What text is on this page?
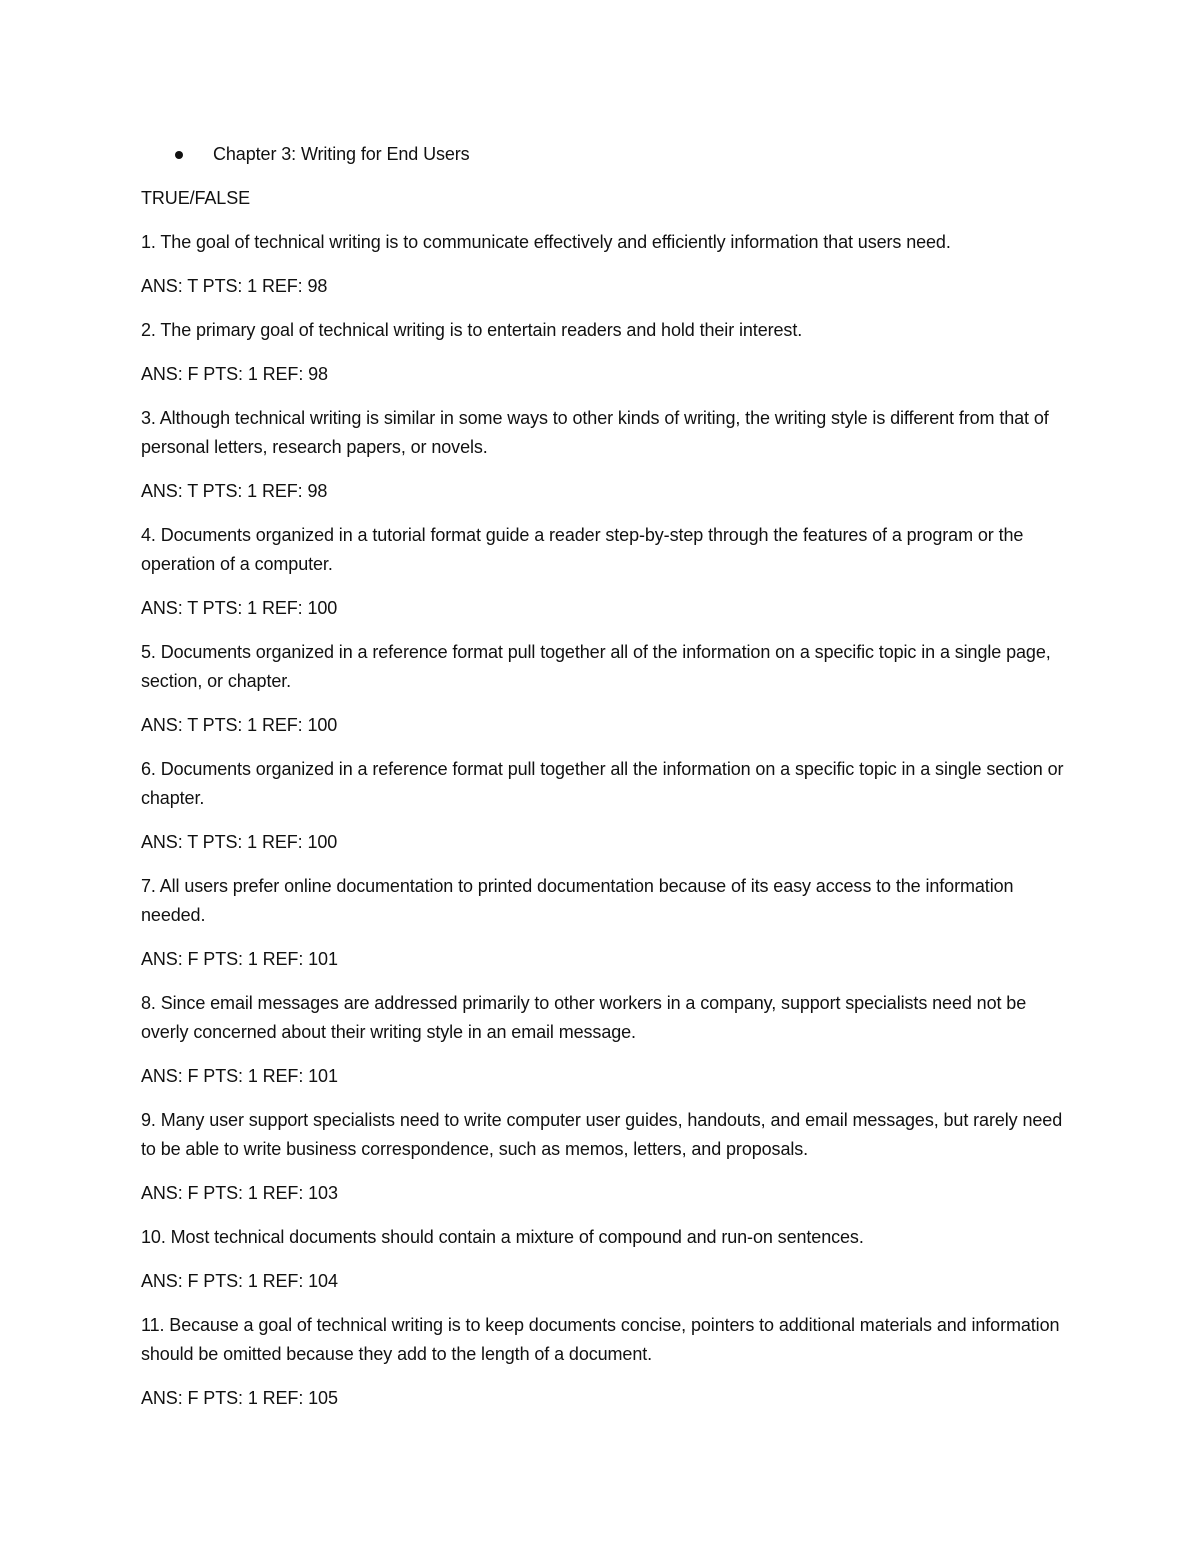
Chapter 3: Writing for End Users
TRUE/FALSE
1. The goal of technical writing is to communicate effectively and efficiently information that users need.
ANS: T PTS: 1 REF: 98
2. The primary goal of technical writing is to entertain readers and hold their interest.
ANS: F PTS: 1 REF: 98
3. Although technical writing is similar in some ways to other kinds of writing, the writing style is different from that of personal letters, research papers, or novels.
ANS: T PTS: 1 REF: 98
4. Documents organized in a tutorial format guide a reader step-by-step through the features of a program or the operation of a computer.
ANS: T PTS: 1 REF: 100
5. Documents organized in a reference format pull together all of the information on a specific topic in a single page, section, or chapter.
ANS: T PTS: 1 REF: 100
6. Documents organized in a reference format pull together all the information on a specific topic in a single section or chapter.
ANS: T PTS: 1 REF: 100
7. All users prefer online documentation to printed documentation because of its easy access to the information needed.
ANS: F PTS: 1 REF: 101
8. Since email messages are addressed primarily to other workers in a company, support specialists need not be overly concerned about their writing style in an email message.
ANS: F PTS: 1 REF: 101
9. Many user support specialists need to write computer user guides, handouts, and email messages, but rarely need to be able to write business correspondence, such as memos, letters, and proposals.
ANS: F PTS: 1 REF: 103
10. Most technical documents should contain a mixture of compound and run-on sentences.
ANS: F PTS: 1 REF: 104
11. Because a goal of technical writing is to keep documents concise, pointers to additional materials and information should be omitted because they add to the length of a document.
ANS: F PTS: 1 REF: 105
